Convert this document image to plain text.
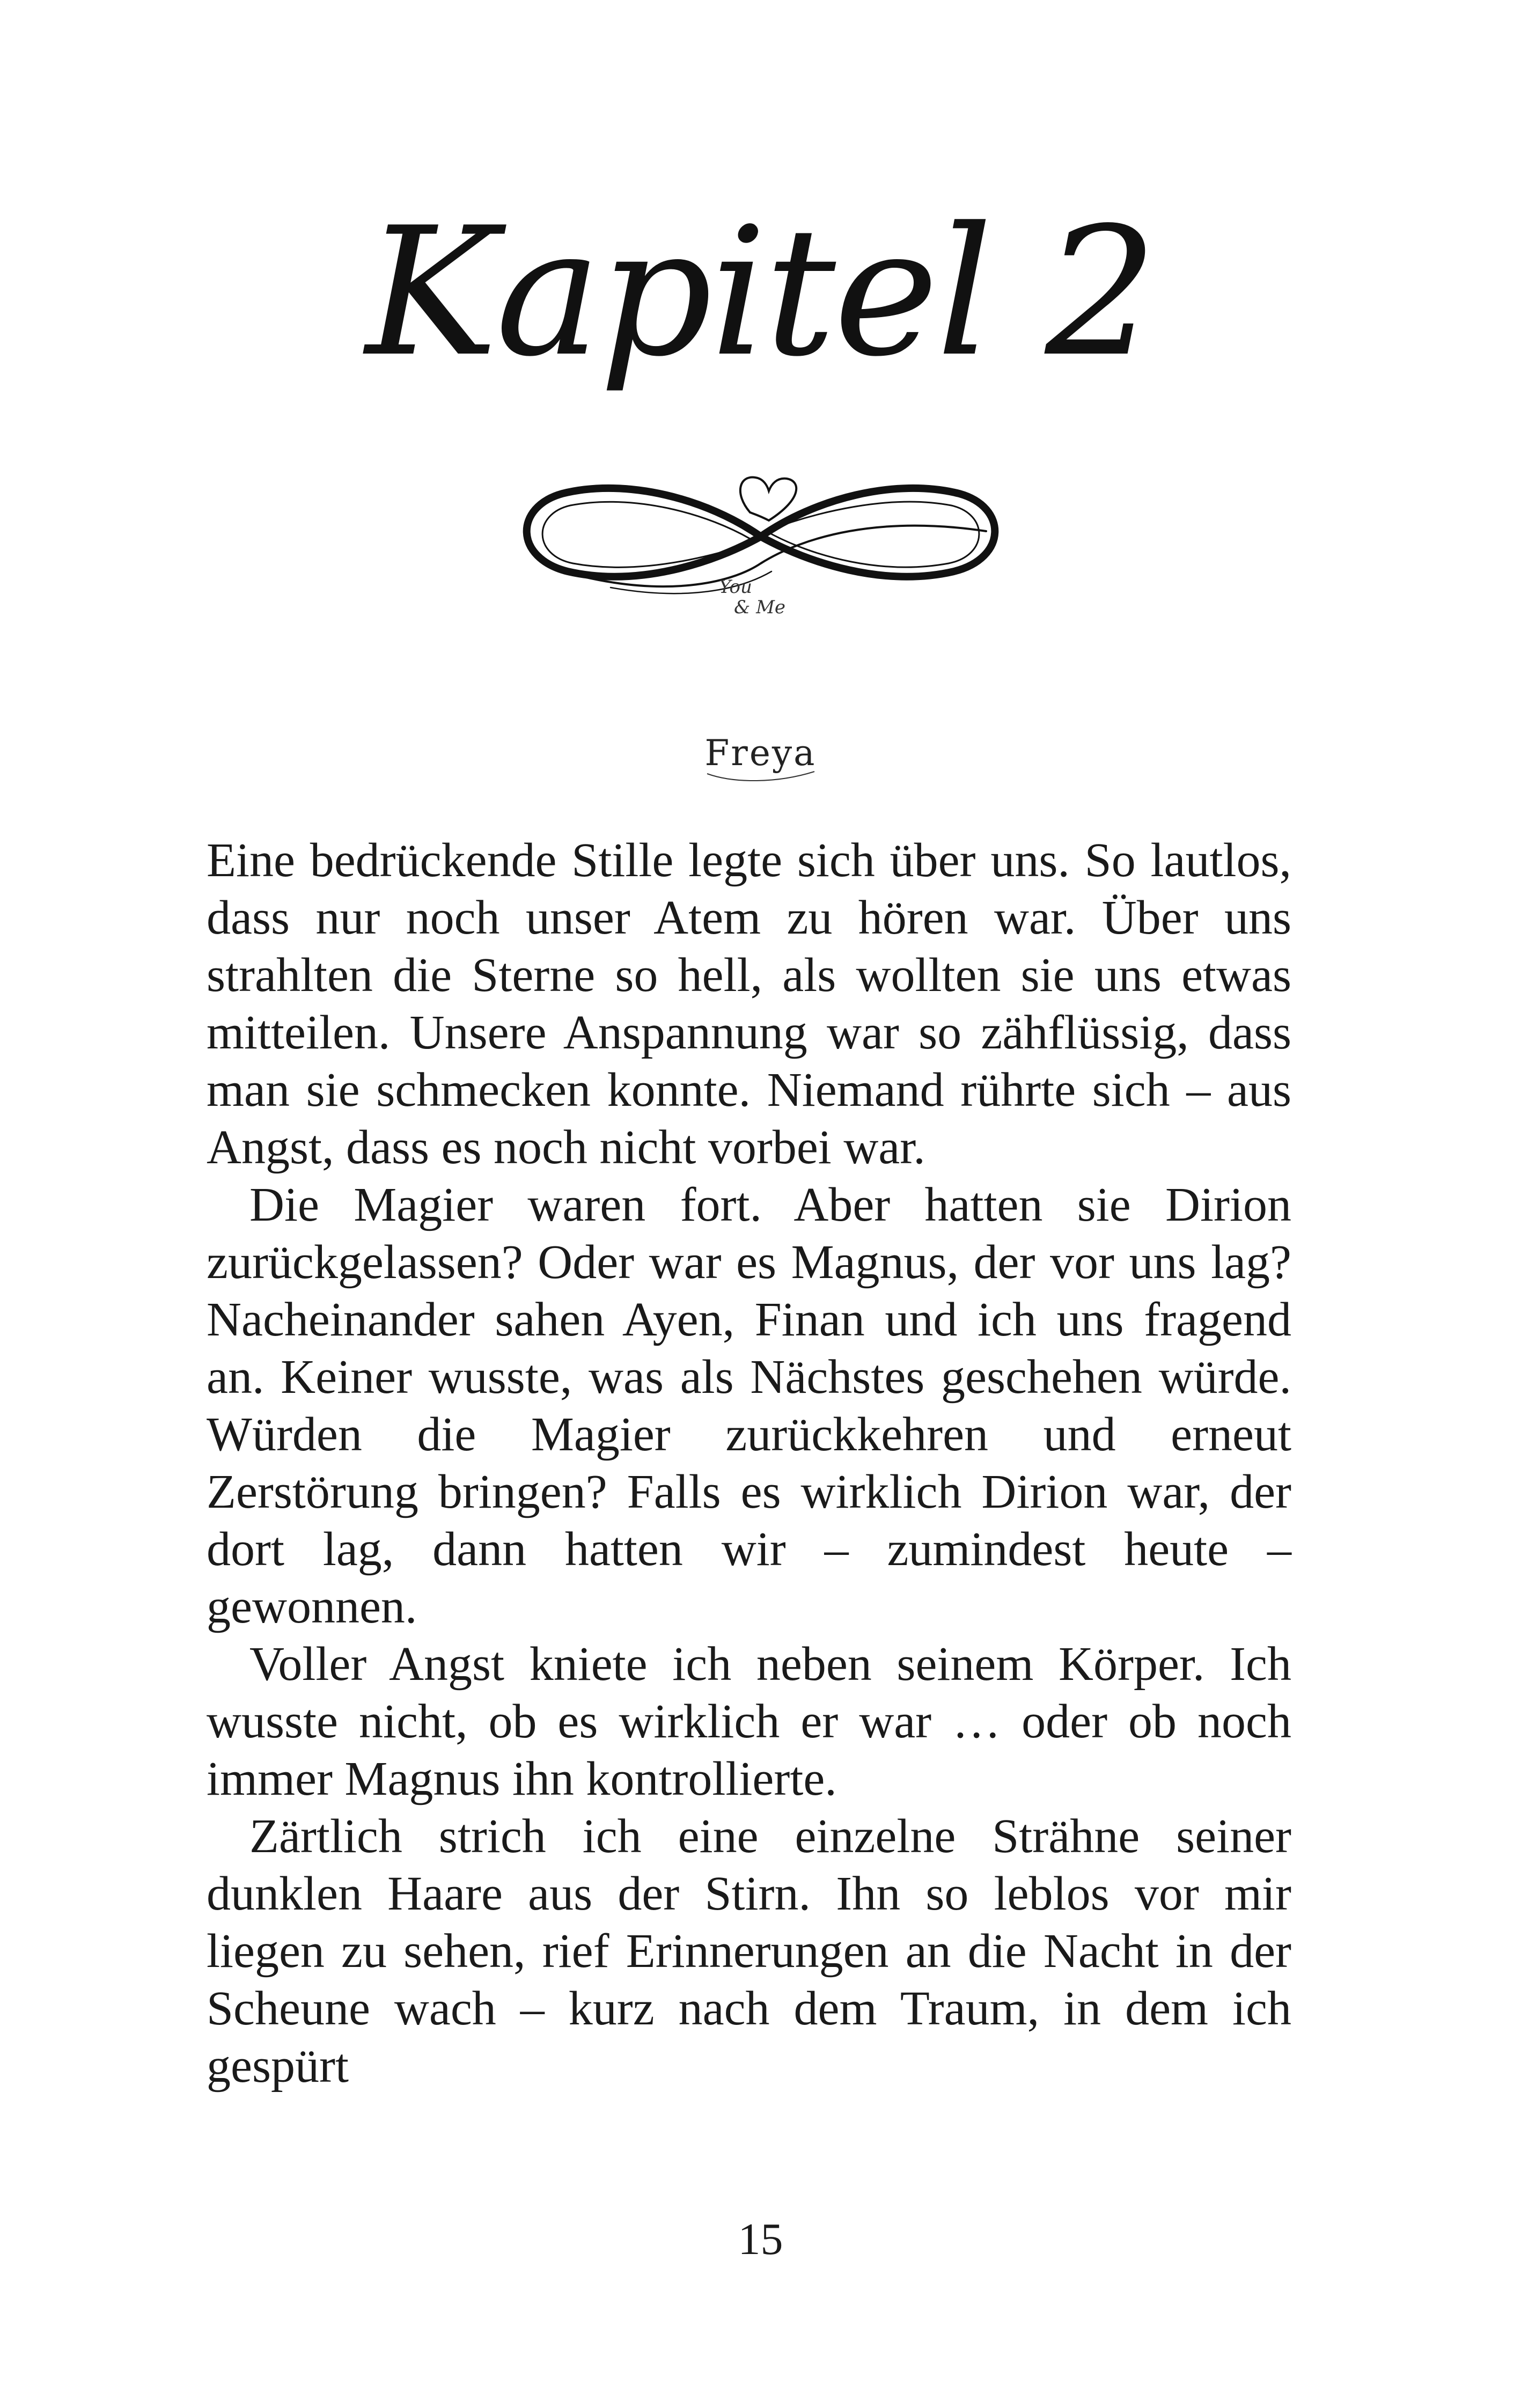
Kapitel 2
You
& Me
Freya

Eine bedrückende Stille legte sich über uns. So lautlos, dass nur noch unser Atem zu hören war. Über uns strahlten die Sterne so hell, als wollten sie uns etwas mitteilen. Unsere Anspannung war so zähflüssig, dass man sie schmecken konnte. Niemand rührte sich – aus Angst, dass es noch nicht vorbei war.

Die Magier waren fort. Aber hatten sie Dirion zurückgelassen? Oder war es Magnus, der vor uns lag? Nacheinander sahen Ayen, Finan und ich uns fragend an. Keiner wusste, was als Nächstes geschehen würde. Würden die Magier zurückkehren und erneut Zerstörung bringen? Falls es wirklich Dirion war, der dort lag, dann hatten wir – zumindest heute – gewonnen.

Voller Angst kniete ich neben seinem Körper. Ich wusste nicht, ob es wirklich er war … oder ob noch immer Magnus ihn kontrollierte.

Zärtlich strich ich eine einzelne Strähne seiner dunklen Haare aus der Stirn. Ihn so leblos vor mir liegen zu sehen, rief Erinnerungen an die Nacht in der Scheune wach – kurz nach dem Traum, in dem ich gespürt

15
